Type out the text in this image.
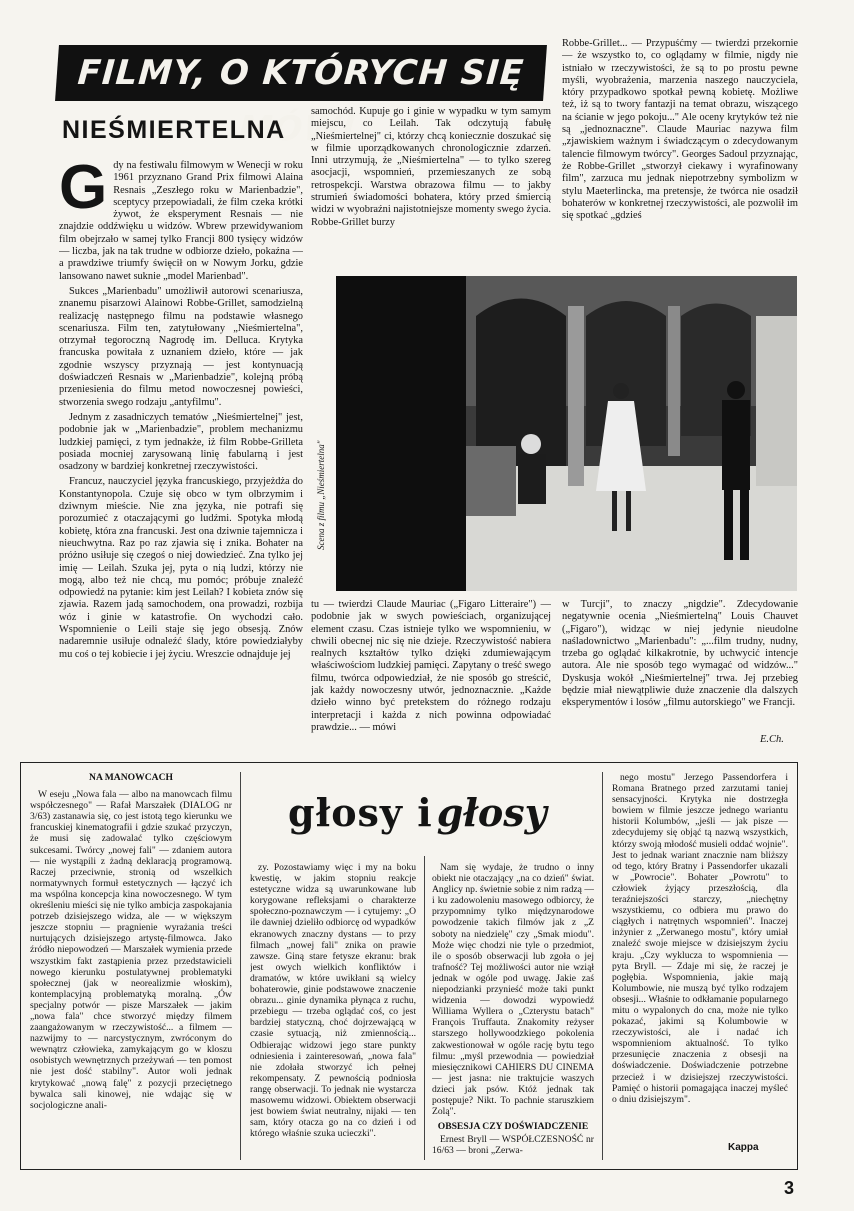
FILMY, O KTÓRYCH SIĘ MÓWI
NIEŚMIERTELNA
G dy na festiwalu filmowym w Wenecji w roku 1961 przyznano Grand Prix filmowi Alaina Resnais „Zeszłego roku w Marienbadzie", sceptycy przepowiadali, że film czeka krótki żywot, że eksperyment Resnais — nie znajdzie oddźwięku u widzów. Wbrew przewidywaniom film obejrzało w samej tylko Francji 800 tysięcy widzów — liczba, jak na tak trudne w odbiorze dzieło, pokaźna — a prawdziwe triumfy święcił on w Nowym Jorku, gdzie lansowano nawet suknie „model Marienbad".

Sukces „Marienbadu" umożliwił autorowi scenariusza, znanemu pisarzowi Alainowi Robbe-Grillet, samodzielną realizację następnego filmu na podstawie własnego scenariusza. Film ten, zatytułowany „Nieśmiertelna", otrzymał tegoroczną Nagrodę im. Delluca. Krytyka francuska powitała z uznaniem dzieło, które — jak zgodnie wszyscy przyznają — jest kontynuacją doświadczeń Resnais w „Marienbadzie", kolejną próbą przeniesienia do filmu metod nowoczesnej powieści, stworzenia swego rodzaju „antyfilmu".

Jednym z zasadniczych tematów „Nieśmiertelnej" jest, podobnie jak w „Marienbadzie", problem mechanizmu ludzkiej pamięci, z tym jednakże, iż film Robbe-Grilleta posiada mocniej zarysowaną linię fabularną i jest osadzony w bardziej konkretnej rzeczywistości.

Francuz, nauczyciel języka francuskiego, przyjeżdża do Konstantynopola. Czuje się obco w tym olbrzymim i dziwnym mieście. Nie zna języka, nie potrafi się porozumieć z otaczającymi go ludźmi. Spotyka młodą kobietę, która zna francuski. Jest ona dziwnie tajemnicza i nieuchwytna. Raz po raz zjawia się i znika. Bohater na próżno usiłuje się czegoś o niej dowiedzieć. Zna tylko jej imię — Leilah. Szuka jej, pyta o nią ludzi, którzy nie mogą, albo też nie chcą, mu pomóc; próbuje znaleźć odpowiedź na pytanie: kim jest Leilah? I kobieta znów się zjawia. Razem jadą samochodem, ona prowadzi, rozbija wóz i ginie w katastrofie. On wychodzi cało. Wspomnienie o Leili staje się jego obsesją. Znów nadaremnie usiłuje odnaleźć ślady, które powiedziałyby mu coś o tej kobiecie i jej życiu. Wreszcie odnajduje jej

samochód. Kupuje go i ginie w wypadku w tym samym miejscu, co Leilah. Tak odczytują fabułę „Nieśmiertelnej" ci, którzy chcą koniecznie doszukać się w filmie uporządkowanych chronologicznie zdarzeń. Inni utrzymują, że „Nieśmiertelna" — to tylko szereg asocjacji, wspomnień, przemieszanych ze sobą retrospekcji. Warstwa obrazowa filmu — to jakby strumień świadomości bohatera, który przed śmiercią widzi w wyobraźni najistotniejsze momenty swego życia. Robbe-Grillet burzy

Robbe-Grillet... — Przypuśćmy — twierdzi przekornie — że wszystko to, co oglądamy w filmie, nigdy nie istniało w rzeczywistości, że są to po prostu pewne myśli, wyobrażenia, marzenia naszego nauczyciela, który przypadkowo spotkał pewną kobietę. Możliwe też, iż są to twory fantazji na temat obrazu, wiszącego na ścianie w jego pokoju..." Ale oceny krytyków też nie są „jednoznaczne". Claude Mauriac nazywa film „zjawiskiem ważnym i świadczącym o zdecydowanym talencie filmowym twórcy". Georges Sadoul przyznając, że Robbe-Grillet „stworzył ciekawy i wyrafinowany film", zarzuca mu jednak niepotrzebny symbolizm w stylu Maeterlincka, ma pretensje, że twórca nie osadził bohaterów w konkretnej rzeczywistości, ale pozwolił im się spotkać „gdzieś

Scena z filmu „Nieśmiertelna"

tu — twierdzi Claude Mauriac („Figaro Litteraire") — podobnie jak w swych powieściach, organizującej element czasu. Czas istnieje tylko we wspomnieniu, w chwili obecnej nic się nie dzieje. Rzeczywistość nabiera realnych kształtów tylko dzięki zdumiewającym właściwościom ludzkiej pamięci. Zapytany o treść swego filmu, twórca odpowiedział, że nie sposób go streścić, jak każdy nowoczesny utwór, jednoznacznie. „Każde dzieło winno być pretekstem do różnego rodzaju interpretacji i każda z nich powinna odpowiadać prawdzie... — mówi

w Turcji", to znaczy „nigdzie". Zdecydowanie negatywnie ocenia „Nieśmiertelną" Louis Chauvet („Figaro"), widząc w niej jedynie nieudolne naśladownictwo „Marienbadu": „...film trudny, nudny, trzeba go oglądać kilkakrotnie, by uchwycić intencje autora. Ale nie sposób tego wymagać od widzów..." Dyskusja wokół „Nieśmiertelnej" trwa. Jej przebieg będzie miał niewątpliwie duże znaczenie dla dalszych eksperymentów i losów „filmu autorskiego" we Francji.

E.Ch.
NA MANOWCACH

W eseju „Nowa fala — albo na manowcach filmu współczesnego" — Rafał Marszałek (DIALOG nr 3/63) zastanawia się, co jest istotą tego kierunku we francuskiej kinematografii i gdzie szukać przyczyn, że musi się zadowalać tylko częściowym sukcesami. Twórcy „nowej fali" — zdaniem autora — nie wystąpili z żadną deklaracją programową. Raczej przeciwnie, stronią od wszelkich normatywnych formuł estetycznych — łączyć ich ma wspólna koncepcja kina nowoczesnego. W tym określeniu mieści się nie tylko ambicja zaspokajania potrzeb dzisiejszego widza, ale — w większym jeszcze stopniu — pragnienie wyrażania treści nurtujących dzisiejszego artystę-filmowca. Jako źródło niepowodzeń — Marszałek wymienia przede wszystkim fakt zastąpienia przez przedstawicieli nowego kierunku postulatywnej problematyki społecznej (jak w neorealizmie włoskim), kontemplacyjną problematyką moralną. „Ów specjalny potwór — pisze Marszałek — jakim „nowa fala" chce stworzyć między filmem zaangażowanym w rzeczywistość... a filmem — nazwijmy to — narcystycznym, zwróconym do wewnątrz człowieka, zamykającym go w kloszu osobistych wewnętrznych przeżywań — ten pomost nie jest dość stabilny". Autor woli jednak krytykować „nową falę" z pozycji przeciętnego bywalca sali kinowej, nie wdając się w socjologiczne anali-

głosy i głosy

zy. Pozostawiamy więc i my na boku kwestię, w jakim stopniu reakcje estetyczne widza są uwarunkowane lub korygowane refleksjami o charakterze społeczno-poznawczym — i cytujemy: „O ile dawniej dzieliło odbiorcę od wypadków ekranowych znaczny dystans — to przy filmach „nowej fali" znika on prawie zawsze. Giną stare fetysze ekranu: brak jest owych wielkich konfliktów i dramatów, w które uwikłani są wielcy bohaterowie, ginie podstawowe znaczenie obrazu... ginie dynamika płynąca z ruchu, przebiegu — trzeba oglądać coś, co jest bardziej statyczną, choć dojrzewającą w czasie sytuacją, niż zmiennością... Odbierając widzowi jego stare punkty odniesienia i zainteresowań, „nowa fala" nie zdołała stworzyć ich pełnej rekompensaty. Z pewnością podniosła rangę obserwacji. To jednak nie wystarcza masowemu widzowi. Obiektem obserwacji jest bowiem świat neutralny, nijaki — ten sam, który otacza go na co dzień i od którego właśnie szuka ucieczki".

Nam się wydaje, że trudno o inny obiekt nie otaczający „na co dzień" świat. Anglicy np. świetnie sobie z nim radzą — i ku zadowoleniu masowego odbiorcy, że przypomnimy tylko międzynarodowe powodzenie takich filmów jak z „Z soboty na niedzielę" czy „Smak miodu". Może więc chodzi nie tyle o przedmiot, ile o sposób obserwacji lub zgoła o jej trafność? Tej możliwości autor nie wziął jednak w ogóle pod uwagę. Jakie zaś niepodzianki przynieść może taki punkt widzenia — dowodzi wypowiedź Williama Wyllera o „Czterystu batach" François Truffauta. Znakomity reżyser starszego hollywoodzkiego pokolenia zakwestionował w ogóle rację bytu tego filmu: „myśl przewodnia — powiedział miesięcznikowi CAHIERS DU CINEMA — jest jasna: nie traktujcie waszych dzieci jak psów. Któż jednak tak postępuje? Nikt. To pachnie staruszkiem Zolą".

OBSESJA CZY DOŚWIADCZENIE

Ernest Bryll — WSPÓŁCZESNOŚĆ nr 16/63 — broni „Zerwa-

nego mostu" Jerzego Passendorfera i Romana Bratnego przed zarzutami taniej sensacyjności. Krytyka nie dostrzegła bowiem w filmie jeszcze jednego wariantu historii Kolumbów, „jeśli — jak pisze — zdecydujemy się objąć tą nazwą wszystkich, którzy swoją młodość musieli oddać wojnie". Jest to jednak wariant znacznie nam bliższy od tego, który Bratny i Passendorfer ukazali w „Powrocie". Bohater „Powrotu" to człowiek żyjący przeszłością, dla teraźniejszości starczy, „niechętny wszystkiemu, co odbiera mu prawo do ciągłych i natrętnych wspomnień". Inaczej inżynier z „Zerwanego mostu", który umiał znaleźć swoje miejsce w dzisiejszym życiu kraju. „Czy wyklucza to wspomnienia — pyta Bryll. — Zdaje mi się, że raczej je pogłębia. Wspomnienia, jakie mają Kolumbowie, nie muszą być tylko rodzajem obsesji... Właśnie to odkłamanie popularnego mitu o wypalonych do cna, może nie tylko pokazać, jakimi są Kolumbowie w rzeczywistości, ale i nadać ich wspomnieniom aktualność. To tylko przesunięcie znaczenia z obsesji na doświadczenie. Doświadczenie potrzebne przecież i w dzisiejszej rzeczywistości. Pamięć o historii pomagająca inaczej myśleć o dniu dzisiejszym".

Kappa
3
